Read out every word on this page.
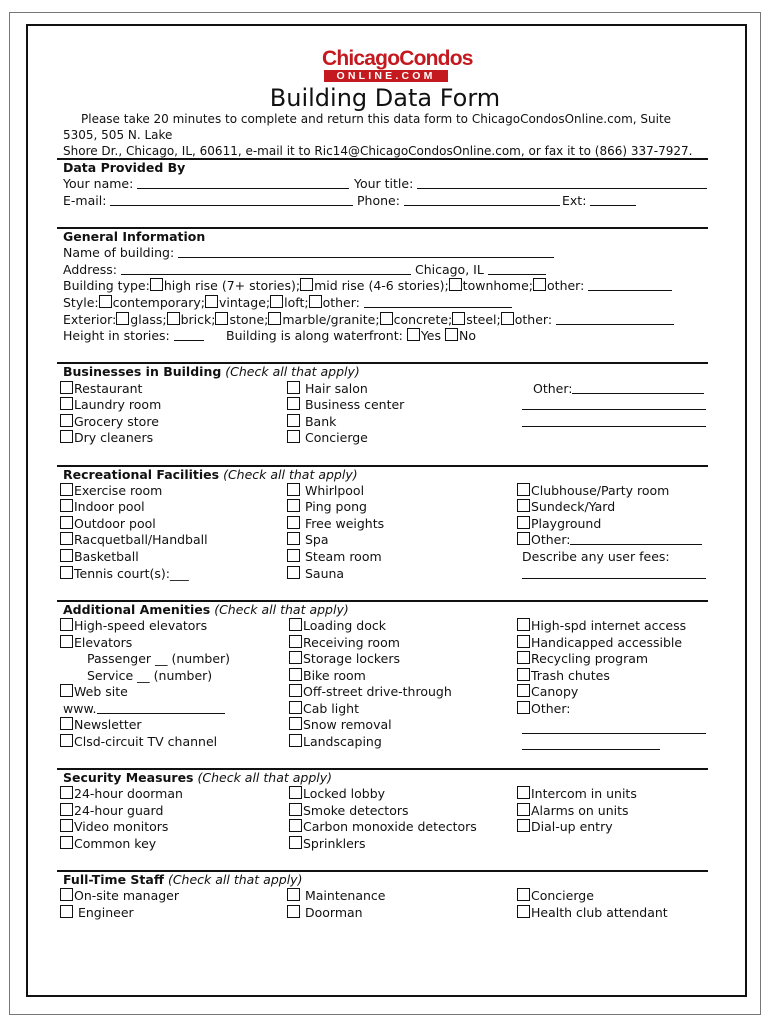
ChicagoCondos
ONLINE.COM
Building Data Form
Please take 20 minutes to complete and return this data form to ChicagoCondosOnline.com, Suite 5305, 505 N. Lake
Shore Dr., Chicago, IL, 60611, e-mail it to Ric14@ChicagoCondosOnline.com, or fax it to (866) 337-7927.
Data Provided By
Your name:	Your title:
E-mail:	Phone:	Ext:
General Information
Name of building:
Address:	Chicago, IL
Building type: high rise (7+ stories); mid rise (4-6 stories); townhome; other:
Style: contemporary; vintage; loft; other:
Exterior: glass; brick; stone; marble/granite; concrete; steel; other:
Height in stories:	Building is along waterfront: Yes No
Businesses in Building (Check all that apply)
Restaurant
Laundry room
Grocery store
Dry cleaners
Hair salon
Business center
Bank
Concierge
Other:
Recreational Facilities (Check all that apply)
Exercise room
Indoor pool
Outdoor pool
Racquetball/Handball
Basketball
Tennis court(s):___
Whirlpool
Ping pong
Free weights
Spa
Steam room
Sauna
Clubhouse/Party room
Sundeck/Yard
Playground
Other:
Describe any user fees:
Additional Amenities (Check all that apply)
High-speed elevators
Elevators
Passenger __ (number)
Service __ (number)
Web site
www.
Newsletter
Clsd-circuit TV channel
Loading dock
Receiving room
Storage lockers
Bike room
Off-street drive-through
Cab light
Snow removal
Landscaping
High-spd internet access
Handicapped accessible
Recycling program
Trash chutes
Canopy
Other:
Security Measures (Check all that apply)
24-hour doorman
24-hour guard
Video monitors
Common key
Locked lobby
Smoke detectors
Carbon monoxide detectors
Sprinklers
Intercom in units
Alarms on units
Dial-up entry
Full-Time Staff (Check all that apply)
On-site manager
Engineer
Maintenance
Doorman
Concierge
Health club attendant
